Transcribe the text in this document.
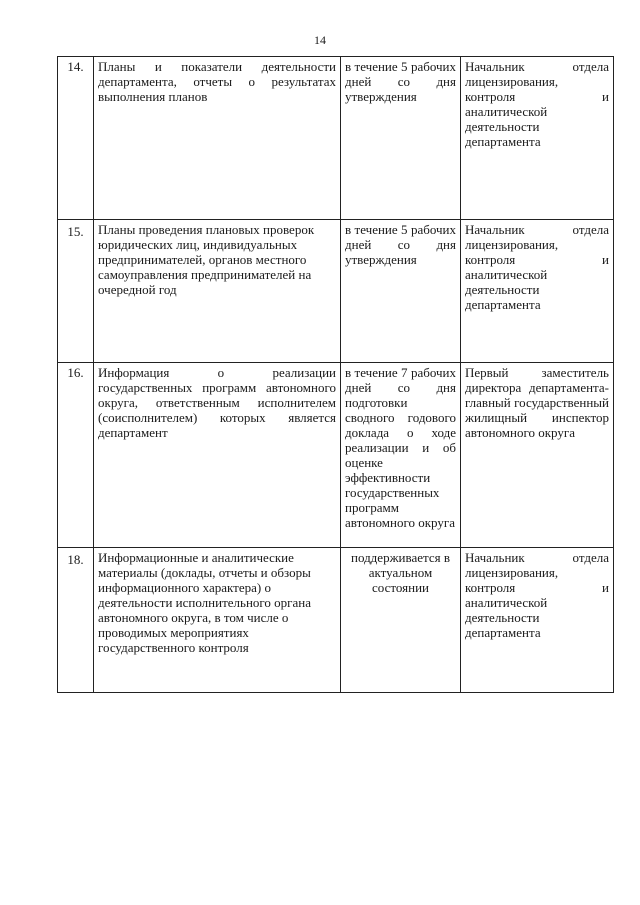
14
14.	Планы и показатели деятельности департамента, отчеты о результатах выполнения планов	в течение 5 рабочих дней со дня утверждения	Начальник отдела лицензирования, контроля и аналитической деятельности департамента
15.	Планы проведения плановых проверок юридических лиц, индивидуальных предпринимателей, органов местного самоуправления предпринимателей на очередной год	в течение 5 рабочих дней со дня утверждения	Начальник отдела лицензирования, контроля и аналитической деятельности департамента
16.	Информация о реализации государственных программ автономного округа, ответственным исполнителем (соисполнителем) которых является департамент	в течение 7 рабочих дней со дня подготовки сводного годового доклада о ходе реализации и об оценке эффективности государственных программ автономного округа	Первый заместитель директора департамента-главный государственный жилищный инспектор автономного округа
18.	Информационные и аналитические материалы (доклады, отчеты и обзоры информационного характера) о деятельности исполнительного органа автономного округа, в том числе о проводимых мероприятиях государственного контроля	поддерживается в актуальном состоянии	Начальник отдела лицензирования, контроля и аналитической деятельности департамента
